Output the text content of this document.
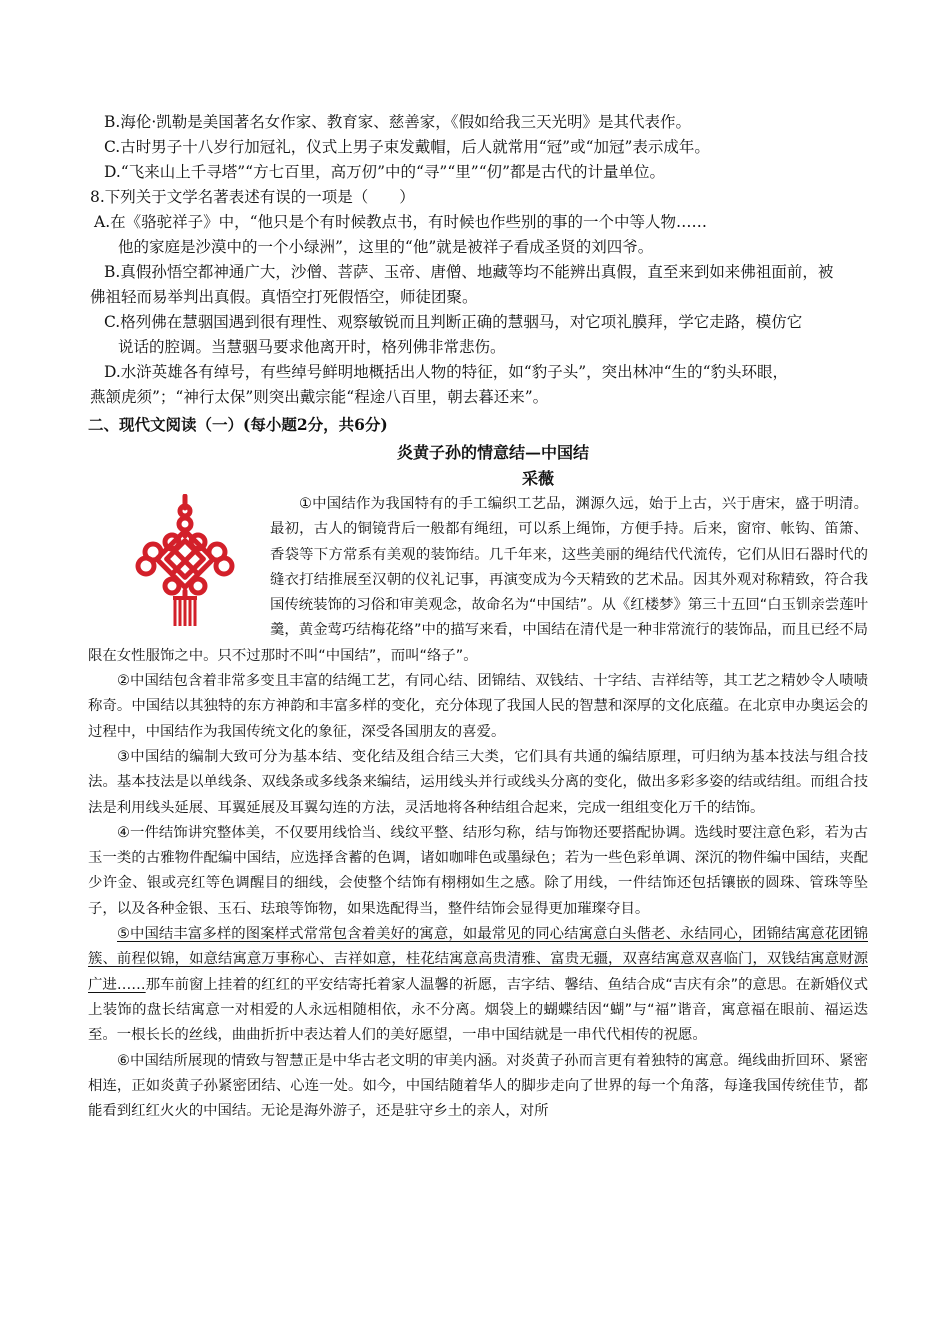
B.海伦·凯勒是美国著名女作家、教育家、慈善家，《假如给我三天光明》是其代表作。
C.古时男子十八岁行加冠礼，仪式上男子束发戴帽，后人就常用“冠”或“加冠”表示成年。
D.“飞来山上千寻塔”“方七百里，高万仞”中的“寻”“里”“仞”都是古代的计量单位。
8.下列关于文学名著表述有误的一项是（　　）
A.在《骆驼祥子》中，“他只是个有时候教点书，有时候也作些别的事的一个中等人物……
他的家庭是沙漠中的一个小绿洲”，这里的“他”就是被祥子看成圣贤的刘四爷。
B.真假孙悟空都神通广大，沙僧、菩萨、玉帝、唐僧、地藏等均不能辨出真假，直至来到如来佛祖面前，被
佛祖轻而易举判出真假。真悟空打死假悟空，师徒团聚。
C.格列佛在慧骃国遇到很有理性、观察敏锐而且判断正确的慧骃马，对它项礼膜拜，学它走路，模仿它
说话的腔调。当慧骃马要求他离开时，格列佛非常悲伤。
D.水浒英雄各有绰号，有些绰号鲜明地概括出人物的特征，如“豹子头”，突出林冲“生的“豹头环眼，
燕颔虎须”；“神行太保”则突出戴宗能“程途八百里，朝去暮还来”。
二、现代文阅读（一）(每小题2分，共6分)
炎黄子孙的情意结—中国结
采薇

①中国结作为我国特有的手工编织工艺品，渊源久远，始于上古，兴于唐宋，盛于明清。最初，古人的铜镜背后一般都有绳纽，可以系上绳饰，方便手持。后来，窗帘、帐钩、笛箫、香袋等下方常系有美观的装饰结。几千年来，这些美丽的绳结代代流传，它们从旧石器时代的缝衣打结推展至汉朝的仪礼记事，再演变成为今天精致的艺术品。因其外观对称精致，符合我国传统装饰的习俗和审美观念，故命名为“中国结”。从《红楼梦》第三十五回“白玉钏亲尝莲叶羹，黄金莺巧结梅花络”中的描写来看，中国结在清代是一种非常流行的装饰品，而且已经不局限在女性服饰之中。只不过那时不叫“中国结”，而叫“络子”。

②中国结包含着非常多变且丰富的结绳工艺，有同心结、团锦结、双钱结、十字结、吉祥结等，其工艺之精妙令人啧啧称奇。中国结以其独特的东方神韵和丰富多样的变化，充分体现了我国人民的智慧和深厚的文化底蕴。在北京申办奥运会的过程中，中国结作为我国传统文化的象征，深受各国朋友的喜爱。

③中国结的编制大致可分为基本结、变化结及组合结三大类，它们具有共通的编结原理，可归纳为基本技法与组合技法。基本技法是以单线条、双线条或多线条来编结，运用线头并行或线头分离的变化，做出多彩多姿的结或结组。而组合技法是利用线头延展、耳翼延展及耳翼勾连的方法，灵活地将各种结组合起来，完成一组组变化万千的结饰。

④一件结饰讲究整体美，不仅要用线恰当、线纹平整、结形匀称，结与饰物还要搭配协调。选线时要注意色彩，若为古玉一类的古雅物件配编中国结，应选择含蓄的色调，诸如咖啡色或墨绿色；若为一些色彩单调、深沉的物件编中国结，夹配少许金、银或亮红等色调醒目的细线，会使整个结饰有栩栩如生之感。除了用线，一件结饰还包括镶嵌的圆珠、管珠等坠子，以及各种金银、玉石、珐琅等饰物，如果选配得当，整件结饰会显得更加璀璨夺目。

⑤中国结丰富多样的图案样式常常包含着美好的寓意，如最常见的同心结寓意白头偕老、永结同心，团锦结寓意花团锦簇、前程似锦，如意结寓意万事称心、吉祥如意，桂花结寓意高贵清雅、富贵无疆，双喜结寓意双喜临门，双钱结寓意财源广进……那车前窗上挂着的红红的平安结寄托着家人温馨的祈愿，吉字结、馨结、鱼结合成“吉庆有余”的意思。在新婚仪式上装饰的盘长结寓意一对相爱的人永远相随相依，永不分离。烟袋上的蝴蝶结因“蝴”与“福”谐音，寓意福在眼前、福运迭至。一根长长的丝线，曲曲折折中表达着人们的美好愿望，一串中国结就是一串代代相传的祝愿。

⑥中国结所展现的情致与智慧正是中华古老文明的审美内涵。对炎黄子孙而言更有着独特的寓意。绳线曲折回环、紧密相连，正如炎黄子孙紧密团结、心连一处。如今，中国结随着华人的脚步走向了世界的每一个角落，每逢我国传统佳节，都能看到红红火火的中国结。无论是海外游子，还是驻守乡土的亲人，对所
